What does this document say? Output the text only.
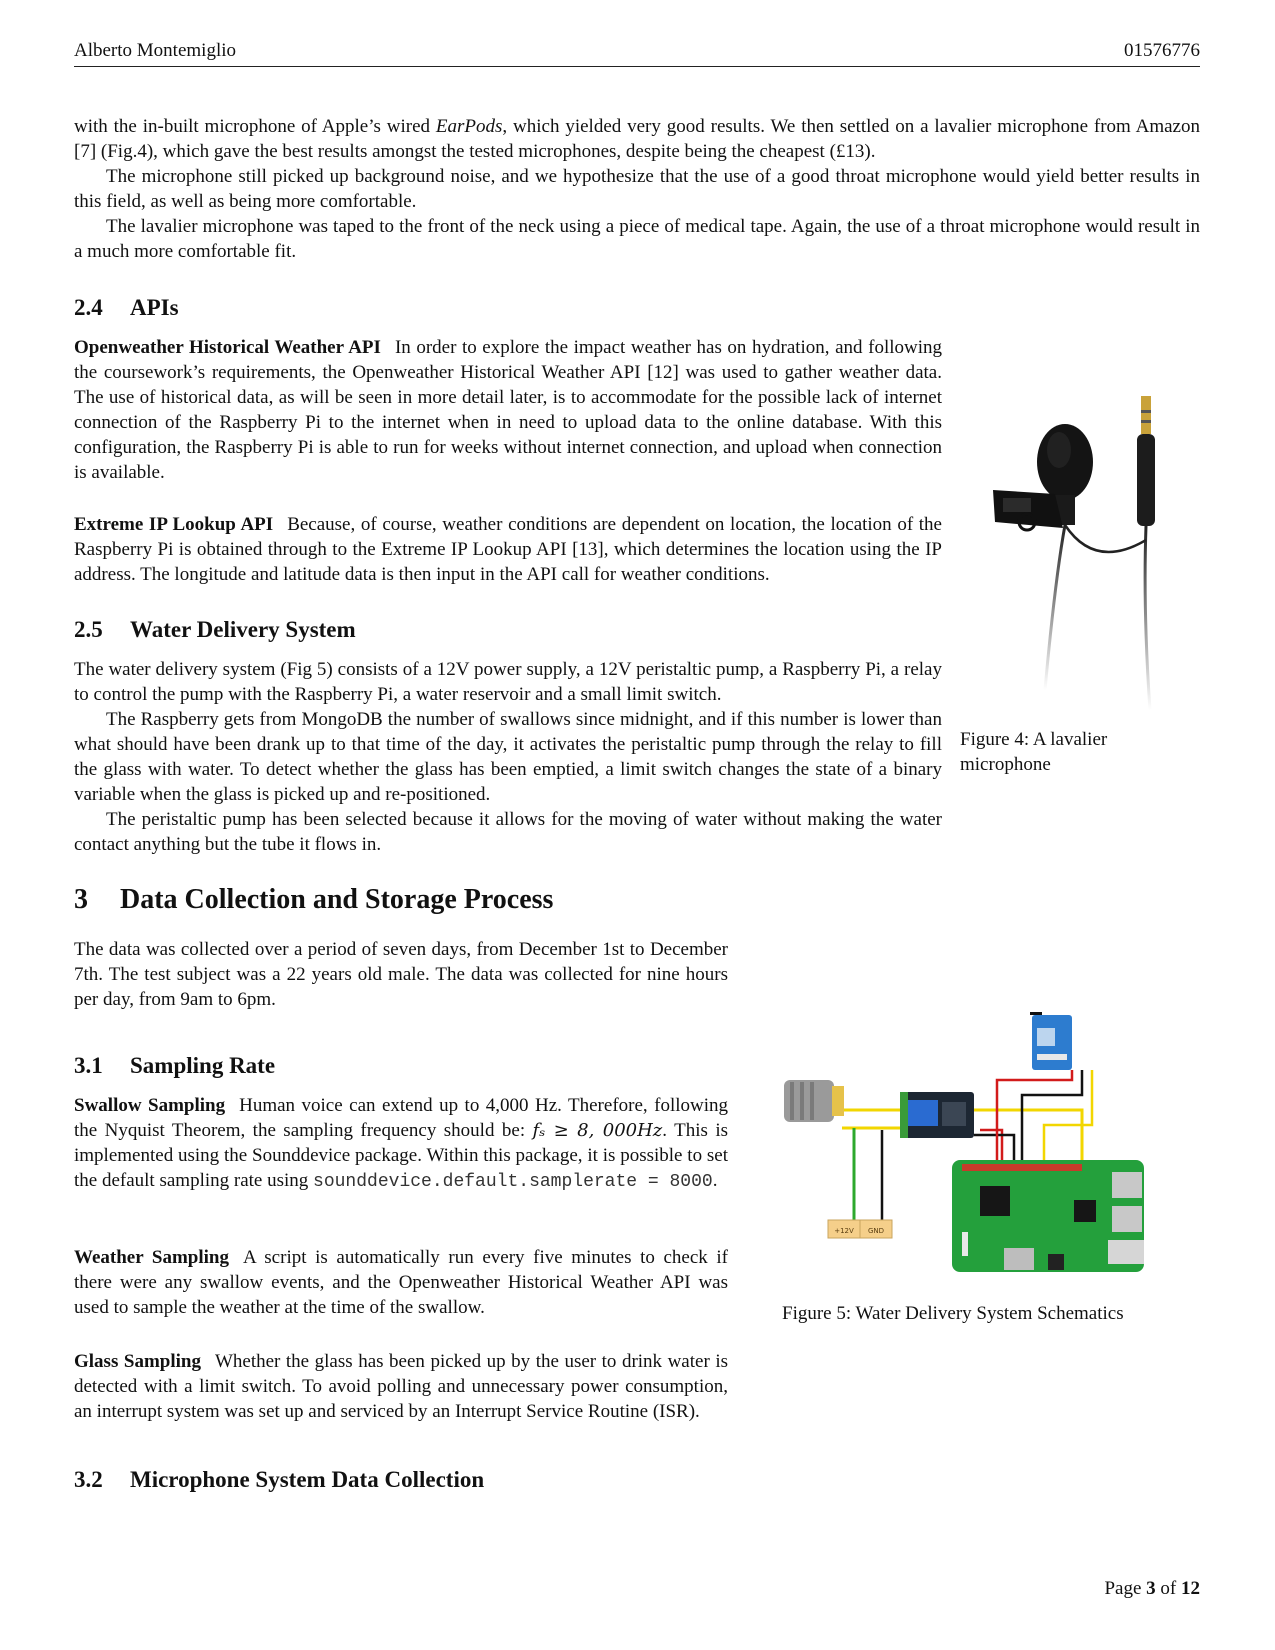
Alberto Montemiglio	01576776

with the in-built microphone of Apple’s wired EarPods, which yielded very good results. We then settled on a lavalier microphone from Amazon [7] (Fig.4), which gave the best results amongst the tested microphones, despite being the cheapest (£13).

The microphone still picked up background noise, and we hypothesize that the use of a good throat microphone would yield better results in this field, as well as being more comfortable.

The lavalier microphone was taped to the front of the neck using a piece of medical tape. Again, the use of a throat microphone would result in a much more comfortable fit.

2.4 APIs

Openweather Historical Weather API In order to explore the impact weather has on hydration, and following the coursework’s requirements, the Openweather Historical Weather API [12] was used to gather weather data. The use of historical data, as will be seen in more detail later, is to accommodate for the possible lack of internet connection of the Raspberry Pi to the internet when in need to upload data to the online database. With this configuration, the Raspberry Pi is able to run for weeks without internet connection, and upload when connection is available.

Extreme IP Lookup API Because, of course, weather conditions are dependent on location, the location of the Raspberry Pi is obtained through to the Extreme IP Lookup API [13], which determines the location using the IP address. The longitude and latitude data is then input in the API call for weather conditions.

2.5 Water Delivery System

The water delivery system (Fig 5) consists of a 12V power supply, a 12V peristaltic pump, a Raspberry Pi, a relay to control the pump with the Raspberry Pi, a water reservoir and a small limit switch.

The Raspberry gets from MongoDB the number of swallows since midnight, and if this number is lower than what should have been drank up to that time of the day, it activates the peristaltic pump through the relay to fill the glass with water. To detect whether the glass has been emptied, a limit switch changes the state of a binary variable when the glass is picked up and re-positioned.

The peristaltic pump has been selected because it allows for the moving of water without making the water contact anything but the tube it flows in.

Figure 4: A lavalier microphone
3 Data Collection and Storage Process

The data was collected over a period of seven days, from December 1st to December 7th. The test subject was a 22 years old male. The data was collected for nine hours per day, from 9am to 6pm.

3.1 Sampling Rate

Swallow Sampling Human voice can extend up to 4,000 Hz. Therefore, following the Nyquist Theorem, the sampling frequency should be: fₛ ≥ 8, 000Hz. This is implemented using the Sounddevice package. Within this package, it is possible to set the default sampling rate using sounddevice.default.samplerate = 8000.

Weather Sampling A script is automatically run every five minutes to check if there were any swallow events, and the Openweather Historical Weather API was used to sample the weather at the time of the swallow.

Glass Sampling Whether the glass has been picked up by the user to drink water is detected with a limit switch. To avoid polling and unnecessary power consumption, an interrupt system was set up and serviced by an Interrupt Service Routine (ISR).

+12V GND
Figure 5: Water Delivery System Schematics
3.2 Microphone System Data Collection
Page 3 of 12
